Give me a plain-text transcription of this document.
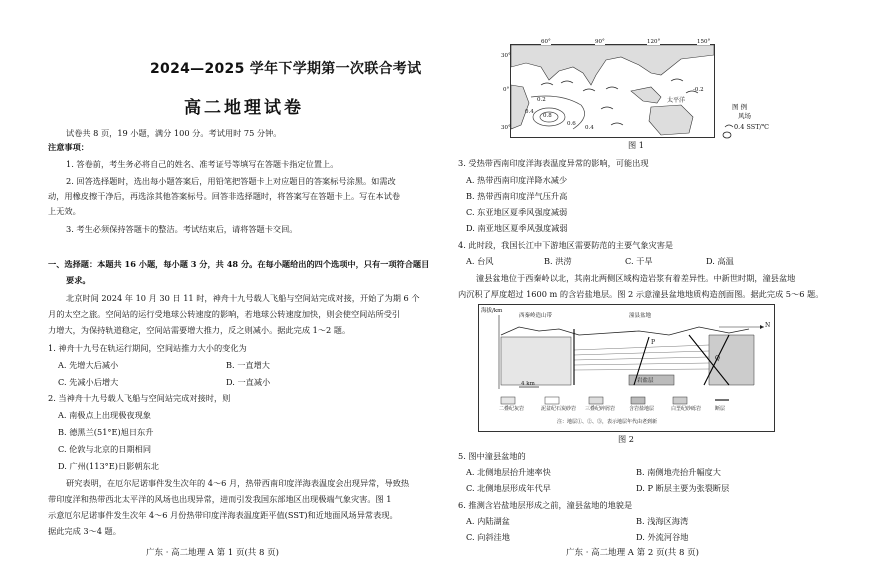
2024—2025 学年下学期第一次联合考试
高二地理试卷
试卷共 8 页，19 小题，满分 100 分。考试用时 75 分钟。
注意事项：
1. 答卷前，考生务必将自己的姓名、准考证号等填写在答题卡指定位置上。
2. 回答选择题时，选出每小题答案后，用铅笔把答题卡上对应题目的答案标号涂黑。如需改
动，用橡皮擦干净后，再选涂其他答案标号。回答非选择题时，将答案写在答题卡上。写在本试卷
上无效。
3. 考生必须保持答题卡的整洁。考试结束后，请将答题卡交回。
一、选择题：本题共 16 小题，每小题 3 分，共 48 分。在每小题给出的四个选项中，只有一项符合题目
要求。
北京时间 2024 年 10 月 30 日 11 时，神舟十九号载人飞船与空间站完成对接，开始了为期 6 个
月的太空之旅。空间站的运行受地球公转速度的影响，若地球公转速度加快，则会使空间站所受引
力增大，为保持轨道稳定，空间站需要增大推力，反之则减小。据此完成 1～2 题。
1. 神舟十九号在轨运行期间，空间站推力大小的变化为
A. 先增大后减小	B. 一直增大
C. 先减小后增大	D. 一直减小
2. 当神舟十九号载人飞船与空间站完成对接时，则
A. 南极点上出现极夜现象
B. 德黑兰(51°E)旭日东升
C. 伦敦与北京的日期相同
D. 广州(113°E)日影朝东北
研究表明，在厄尔尼诺事件发生次年的 4～6 月，热带西南印度洋海表温度会出现异常，导致热
带印度洋和热带西北太平洋的风场也出现异常，进而引发我国东部地区出现极端气象灾害。图 1
示意厄尔尼诺事件发生次年 4～6 月份热带印度洋海表温度距平值(SST)和近地面风场异常表现。
据此完成 3～4 题。
广东 · 高二地理 A 第 1 页(共 8 页)
60°	90°	120°	150°
30°
0°
30°
太平洋
-0.2
0.2
0.4
0.4
0.6
0.8
图 例
风场
0.4 SST/℃
图 1
3. 受热带西南印度洋海表温度异常的影响，可能出现
A. 热带西南印度洋降水减少
B. 热带西南印度洋气压升高
C. 东亚地区夏季风强度减弱
D. 南亚地区夏季风强度减弱
4. 此时段，我国长江中下游地区需要防范的主要气象灾害是
A. 台风	B. 洪涝	C. 干旱	D. 高温
潼县盆地位于西秦岭以北，其南北两侧区域构造岩浆有着差异性。中新世时期，潼县盆地
内沉积了厚度超过 1600 m 的含岩盐地层。图 2 示意潼县盆地地质构造剖面图。据此完成 5～6 题。
海拔/km
西秦岭造山带	潼县盆地
N
P
Q
岩盐层
4 km
二叠纪灰岩	泥盆纪石炭砂岩 三叠纪碎屑岩	含岩盐地层	白垩纪砂砾岩	断层
注：地层①、②、③，表示地层年代由老到新
图 2
5. 图中潼县盆地的
A. 北侧地层抬升速率快	B. 南侧地壳抬升幅度大
C. 北侧地层形成年代早	D. P 断层主要为张裂断层
6. 推测含岩盐地层形成之前，潼县盆地的地貌是
A. 内陆湖盆	B. 浅海区海湾
C. 向斜洼地	D. 外流河谷地
广东 · 高二地理 A 第 2 页(共 8 页)
